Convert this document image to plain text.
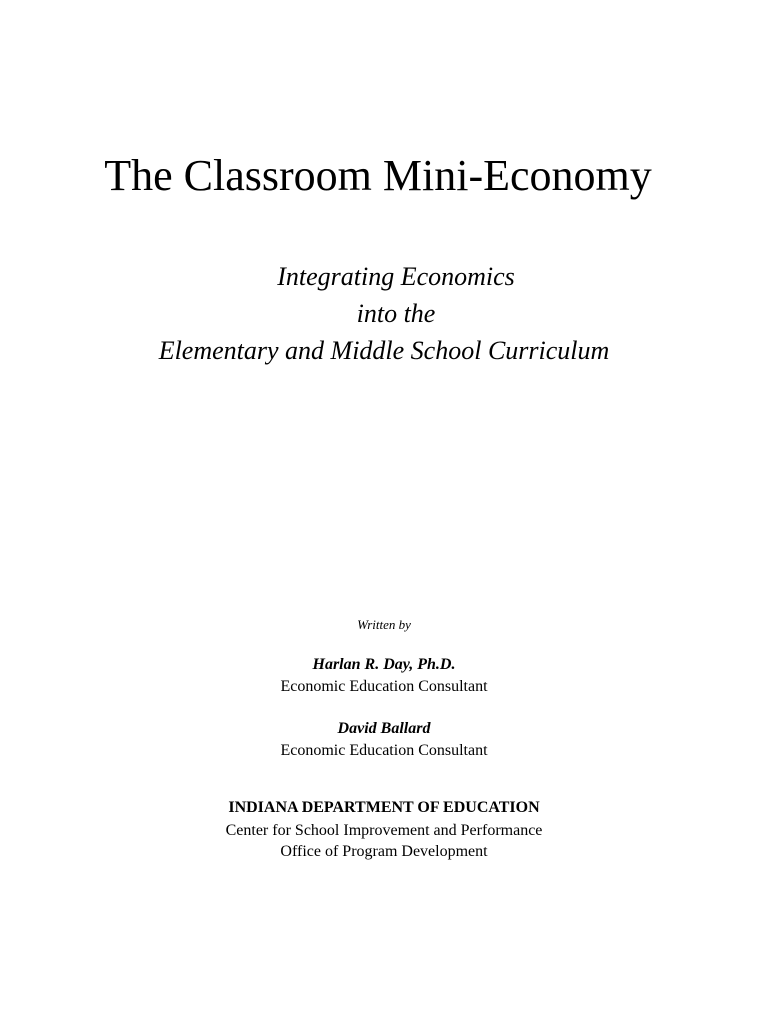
The Classroom Mini-Economy
Integrating Economics
into the
Elementary and Middle School Curriculum
Written by
Harlan R. Day, Ph.D.
Economic Education Consultant
David Ballard
Economic Education Consultant
INDIANA DEPARTMENT OF EDUCATION
Center for School Improvement and Performance
Office of Program Development
